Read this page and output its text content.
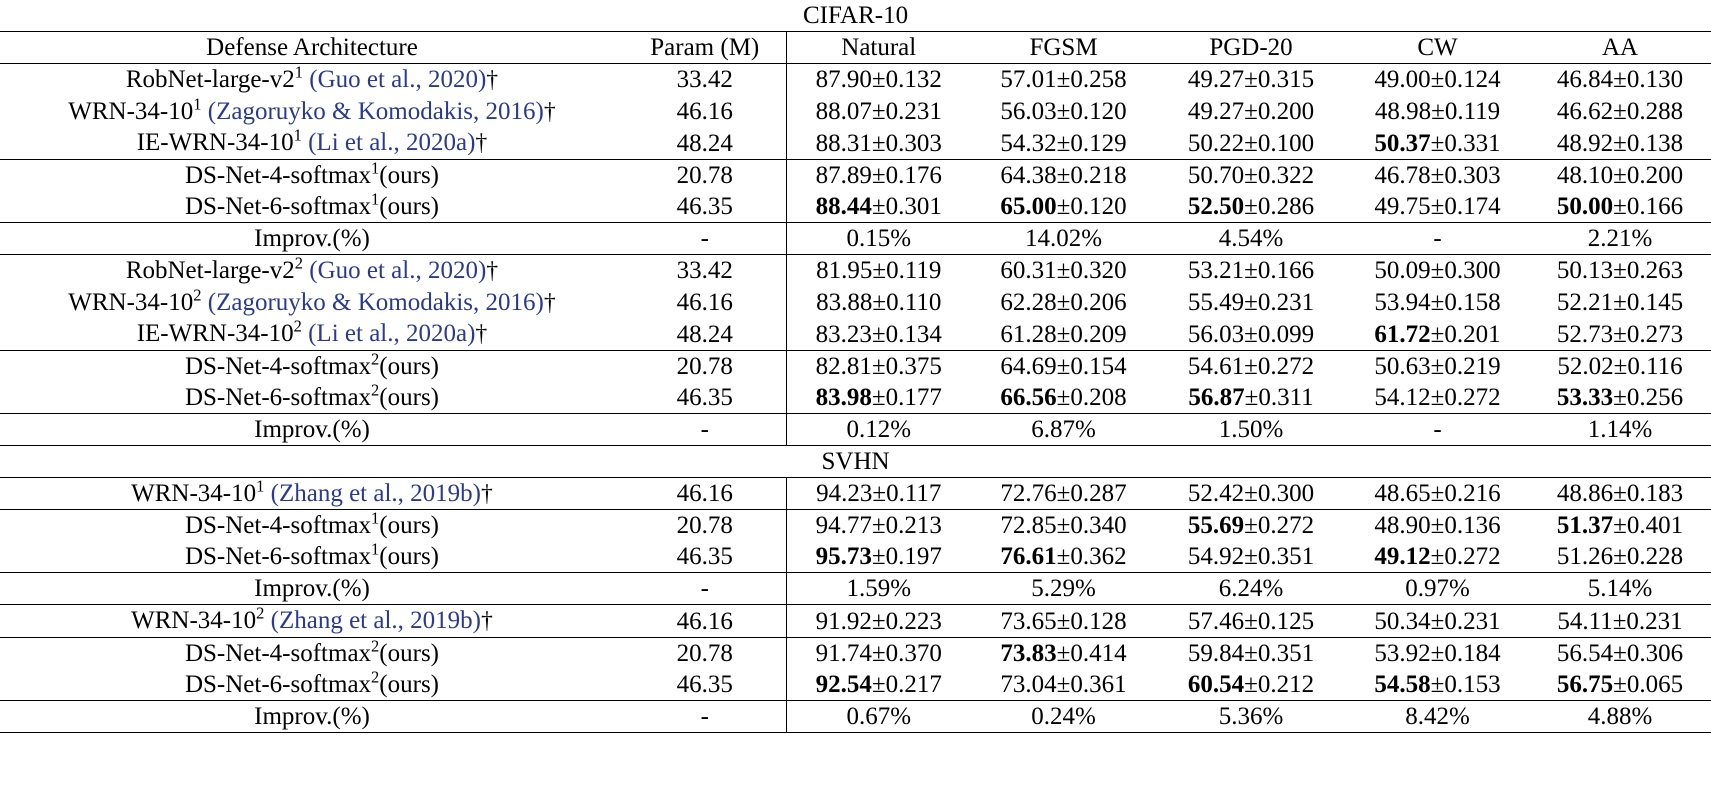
CIFAR-10						
Defense Architecture	Param (M)	Natural	FGSM	PGD-20	CW	AA
RobNet-$large-v2^1$ (Guo et al., 2020)†	33.42	87.90±0.132	57.01±0.258	49.27±0.315	49.00±0.124	46.84±0.130
WRN-$34-10^1$ (Zagoruyko & Komodakis, 2016)†	46.16	88.07±0.231	56.03±0.120	49.27±0.200	48.98±0.119	46.62±0.288
$IE-WRN-34-10^1$ (Li et al., 2020a)†	48.24	88.31±0.303	54.32±0.129	50.22±0.100	50.37±0.331	48.92±0.138
DS-Net-4-softmax$^1$(ours)	20.78	87.89±0.176	64.38±0.218	50.70±0.322	46.78±0.303	48.10±0.200
DS-Net-6-softmax$^1$(ours)	46.35	88.44±0.301	65.00±0.120	52.50±0.286	49.75±0.174	50.00±0.166
Improv.(%)	-	0.15%	14.02%	4.54%	-	2.21%
RobNet-$large-v2^2$ (Guo et al., 2020)†	33.42	81.95±0.119	60.31±0.320	53.21±0.166	50.09±0.300	50.13±0.263
WRN-$34-10^2$ (Zagoruyko & Komodakis, 2016)†	46.16	83.88±0.110	62.28±0.206	55.49±0.231	53.94±0.158	52.21±0.145
$IE-WRN-34-10^2$ (Li et al., 2020a)†	48.24	83.23±0.134	61.28±0.209	56.03±0.099	61.72±0.201	52.73±0.273
DS-Net-4-softmax$^2$(ours)	20.78	82.81±0.375	64.69±0.154	54.61±0.272	50.63±0.219	52.02±0.116
DS-Net-6-softmax$^2$(ours)	46.35	83.98±0.177	66.56±0.208	56.87±0.311	54.12±0.272	53.33±0.256
Improv.(%)	-	0.12%	6.87%	1.50%	-	1.14%
SVHN						
WRN-$34-10^1$ (Zhang et al., 2019b)†	46.16	94.23±0.117	72.76±0.287	52.42±0.300	48.65±0.216	48.86±0.183
DS-Net-4-softmax$^1$(ours)	20.78	94.77±0.213	72.85±0.340	55.69±0.272	48.90±0.136	51.37±0.401
DS-Net-6-softmax$^1$(ours)	46.35	95.73±0.197	76.61±0.362	54.92±0.351	49.12±0.272	51.26±0.228
Improv.(%)	-	1.59%	5.29%	6.24%	0.97%	5.14%
WRN-$34-10^2$ (Zhang et al., 2019b)†	46.16	91.92±0.223	73.65±0.128	57.46±0.125	50.34±0.231	54.11±0.231
DS-Net-4-softmax$^2$(ours)	20.78	91.74±0.370	73.83±0.414	59.84±0.351	53.92±0.184	56.54±0.306
DS-Net-6-softmax$^2$(ours)	46.35	92.54±0.217	73.04±0.361	60.54±0.212	54.58±0.153	56.75±0.065
Improv.(%)	-	0.67%	0.24%	5.36%	8.42%	4.88%
